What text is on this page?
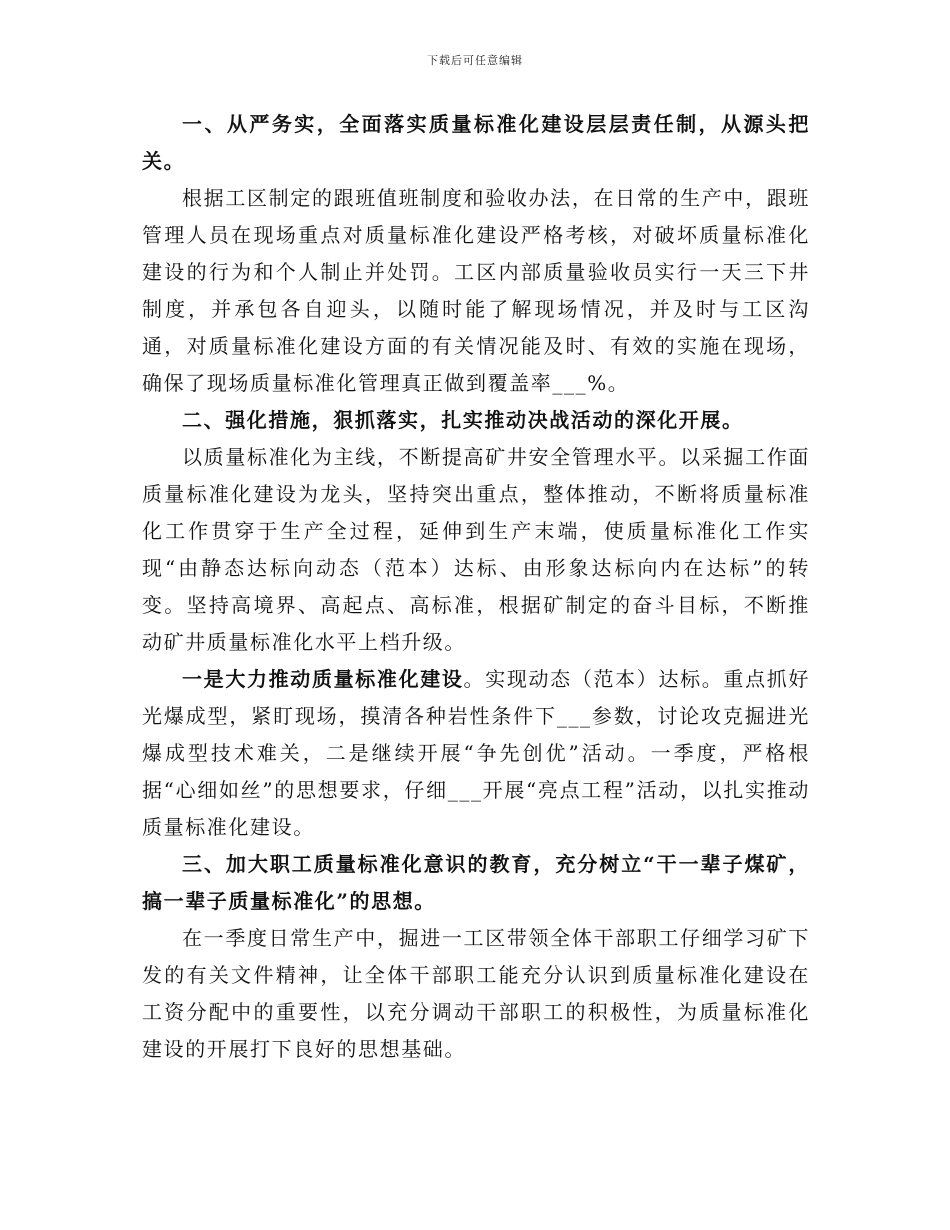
下载后可任意编辑

一、从严务实，全面落实质量标准化建设层层责任制，从源头把关。

根据工区制定的跟班值班制度和验收办法，在日常的生产中，跟班管理人员在现场重点对质量标准化建设严格考核，对破坏质量标准化建设的行为和个人制止并处罚。工区内部质量验收员实行一天三下井制度，并承包各自迎头，以随时能了解现场情况，并及时与工区沟通，对质量标准化建设方面的有关情况能及时、有效的实施在现场，确保了现场质量标准化管理真正做到覆盖率___%。

二、强化措施，狠抓落实，扎实推动决战活动的深化开展。

以质量标准化为主线，不断提高矿井安全管理水平。以采掘工作面质量标准化建设为龙头，坚持突出重点，整体推动，不断将质量标准化工作贯穿于生产全过程，延伸到生产末端，使质量标准化工作实现“由静态达标向动态（范本）达标、由形象达标向内在达标”的转变。坚持高境界、高起点、高标准，根据矿制定的奋斗目标，不断推动矿井质量标准化水平上档升级。

一是大力推动质量标准化建设。实现动态（范本）达标。重点抓好光爆成型，紧盯现场，摸清各种岩性条件下___参数，讨论攻克掘进光爆成型技术难关，二是继续开展“争先创优”活动。一季度，严格根据“心细如丝”的思想要求，仔细___开展“亮点工程”活动，以扎实推动质量标准化建设。

三、加大职工质量标准化意识的教育，充分树立“干一辈子煤矿，搞一辈子质量标准化”的思想。

在一季度日常生产中，掘进一工区带领全体干部职工仔细学习矿下发的有关文件精神，让全体干部职工能充分认识到质量标准化建设在工资分配中的重要性，以充分调动干部职工的积极性，为质量标准化建设的开展打下良好的思想基础。
